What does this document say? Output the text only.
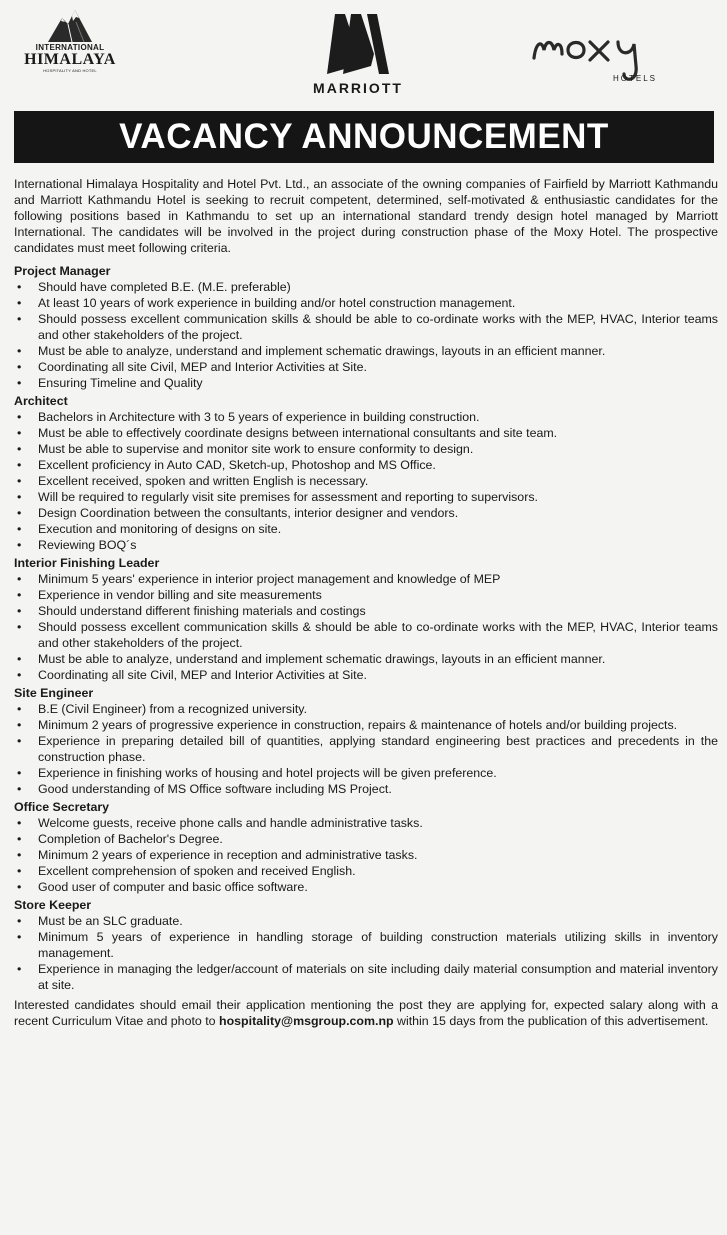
INTERNATIONAL
HIMALAYA
HOSPITALITY AND HOTEL
MARRIOTT
HOTELS
VACANCY ANNOUNCEMENT

International Himalaya Hospitality and Hotel Pvt. Ltd., an associate of the owning companies of Fairfield by Marriott Kathmandu and Marriott Kathmandu Hotel is seeking to recruit competent, determined, self-motivated & enthusiastic candidates for the following positions based in Kathmandu to set up an international standard trendy design hotel managed by Marriott International. The candidates will be involved in the project during construction phase of the Moxy Hotel. The prospective candidates must meet following criteria.

Project Manager
• Should have completed B.E. (M.E. preferable)
• At least 10 years of work experience in building and/or hotel construction management.
• Should possess excellent communication skills & should be able to co-ordinate works with the MEP, HVAC, Interior teams and other stakeholders of the project.
• Must be able to analyze, understand and implement schematic drawings, layouts in an efficient manner.
• Coordinating all site Civil, MEP and Interior Activities at Site.
• Ensuring Timeline and Quality
Architect
• Bachelors in Architecture with 3 to 5 years of experience in building construction.
• Must be able to effectively coordinate designs between international consultants and site team.
• Must be able to supervise and monitor site work to ensure conformity to design.
• Excellent proficiency in Auto CAD, Sketch-up, Photoshop and MS Office.
• Excellent received, spoken and written English is necessary.
• Will be required to regularly visit site premises for assessment and reporting to supervisors.
• Design Coordination between the consultants, interior designer and vendors.
• Execution and monitoring of designs on site.
• Reviewing BOQ´s
Interior Finishing Leader
• Minimum 5 years' experience in interior project management and knowledge of MEP
• Experience in vendor billing and site measurements
• Should understand different finishing materials and costings
• Should possess excellent communication skills & should be able to co-ordinate works with the MEP, HVAC, Interior teams and other stakeholders of the project.
• Must be able to analyze, understand and implement schematic drawings, layouts in an efficient manner.
• Coordinating all site Civil, MEP and Interior Activities at Site.
Site Engineer
• B.E (Civil Engineer) from a recognized university.
• Minimum 2 years of progressive experience in construction, repairs & maintenance of hotels and/or building projects.
• Experience in preparing detailed bill of quantities, applying standard engineering best practices and precedents in the construction phase.
• Experience in finishing works of housing and hotel projects will be given preference.
• Good understanding of MS Office software including MS Project.
Office Secretary
• Welcome guests, receive phone calls and handle administrative tasks.
• Completion of Bachelor's Degree.
• Minimum 2 years of experience in reception and administrative tasks.
• Excellent comprehension of spoken and received English.
• Good user of computer and basic office software.
Store Keeper
• Must be an SLC graduate.
• Minimum 5 years of experience in handling storage of building construction materials utilizing skills in inventory management.
• Experience in managing the ledger/account of materials on site including daily material consumption and material inventory at site.

Interested candidates should email their application mentioning the post they are applying for, expected salary along with a recent Curriculum Vitae and photo to hospitality@msgroup.com.np within 15 days from the publication of this advertisement.
